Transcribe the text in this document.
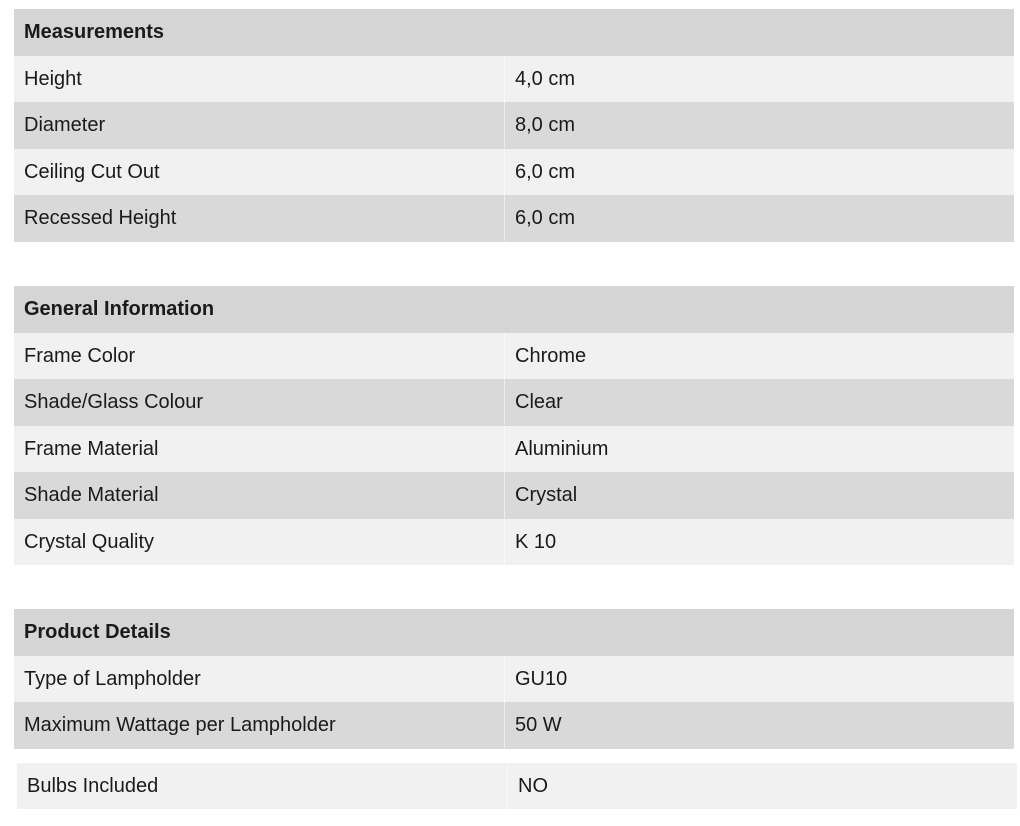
Measurements
Height	4,0 cm
Diameter	8,0 cm
Ceiling Cut Out	6,0 cm
Recessed Height	6,0 cm
General Information
Frame Color	Chrome
Shade/Glass Colour	Clear
Frame Material	Aluminium
Shade Material	Crystal
Crystal Quality	K 10
Product Details
Type of Lampholder	GU10
Maximum Wattage per Lampholder	50 W
Bulbs Included	NO
